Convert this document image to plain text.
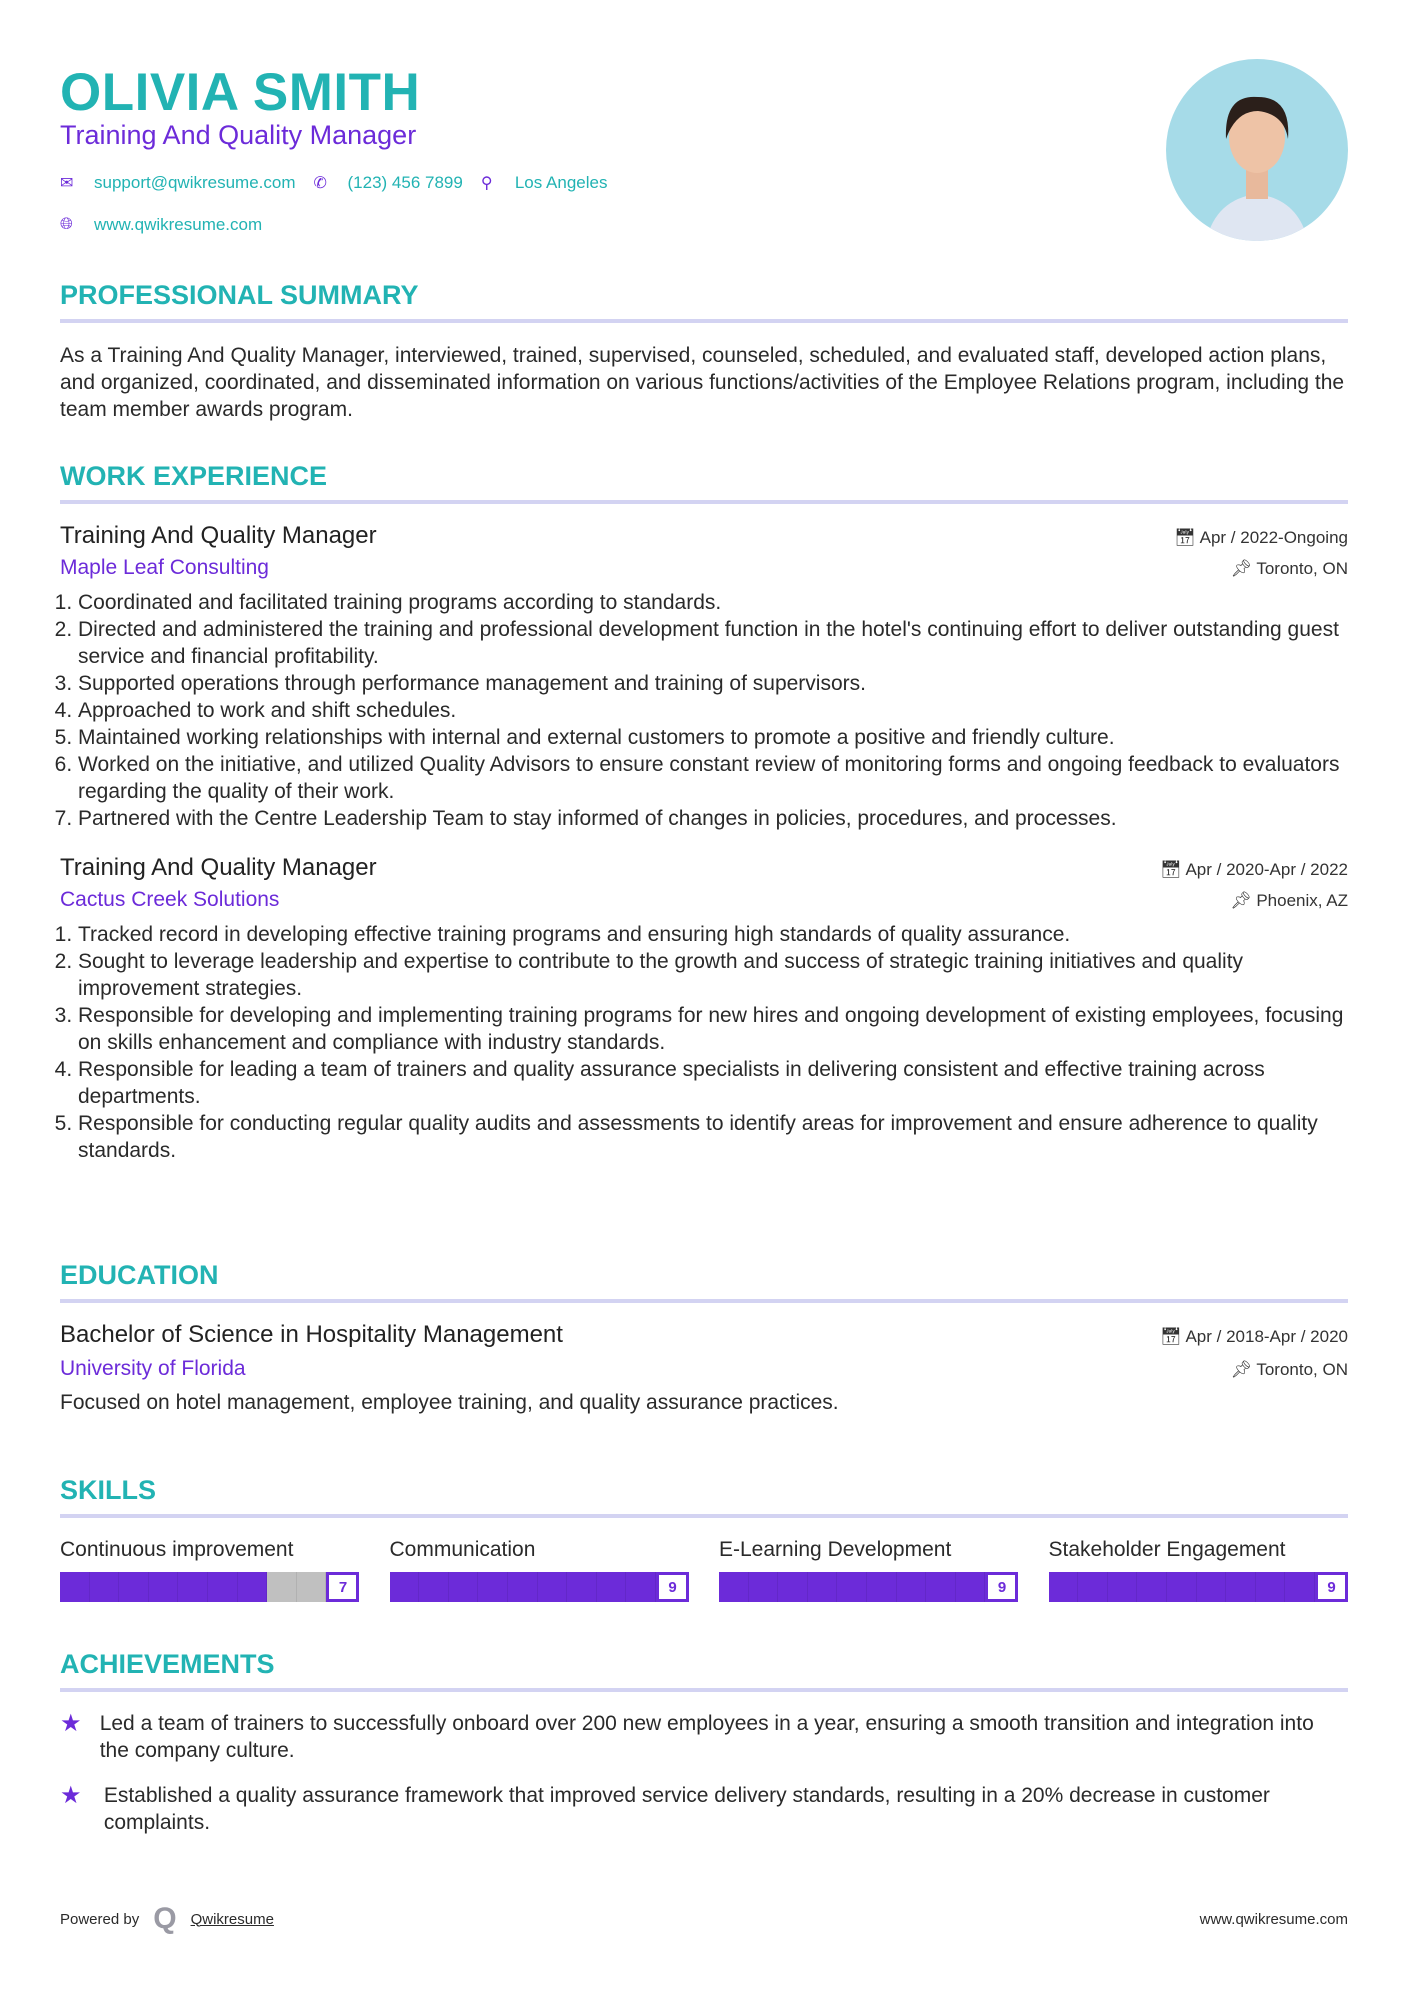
OLIVIA SMITH
Training And Quality Manager
✉	support@qwikresume.com ✆	(123) 456 7899 ⚲	Los Angeles
🌐︎	www.qwikresume.com
PROFESSIONAL SUMMARY

As a Training And Quality Manager, interviewed, trained, supervised, counseled, scheduled, and evaluated staff, developed action plans, and organized, coordinated, and disseminated information on various functions/activities of the Employee Relations program, including the team member awards program.

WORK EXPERIENCE
Training And Quality Manager	📅︎ Apr / 2022-Ongoing
Maple Leaf Consulting	📌︎ Toronto, ON
1. Coordinated and facilitated training programs according to standards.
2. Directed and administered the training and professional development function in the hotel's continuing effort to deliver outstanding guest service and financial profitability.
3. Supported operations through performance management and training of supervisors.
4. Approached to work and shift schedules.
5. Maintained working relationships with internal and external customers to promote a positive and friendly culture.
6. Worked on the initiative, and utilized Quality Advisors to ensure constant review of monitoring forms and ongoing feedback to evaluators regarding the quality of their work.
7. Partnered with the Centre Leadership Team to stay informed of changes in policies, procedures, and processes.
Training And Quality Manager	📅︎ Apr / 2020-Apr / 2022
Cactus Creek Solutions	📌︎ Phoenix, AZ
1. Tracked record in developing effective training programs and ensuring high standards of quality assurance.
2. Sought to leverage leadership and expertise to contribute to the growth and success of strategic training initiatives and quality improvement strategies.
3. Responsible for developing and implementing training programs for new hires and ongoing development of existing employees, focusing on skills enhancement and compliance with industry standards.
4. Responsible for leading a team of trainers and quality assurance specialists in delivering consistent and effective training across departments.
5. Responsible for conducting regular quality audits and assessments to identify areas for improvement and ensure adherence to quality standards.
EDUCATION
Bachelor of Science in Hospitality Management	📅︎ Apr / 2018-Apr / 2020
University of Florida	📌︎ Toronto, ON

Focused on hotel management, employee training, and quality assurance practices.

SKILLS
Continuous improvement
7
Communication
9
E-Learning Development
9
Stakeholder Engagement
9
ACHIEVEMENTS
★ Led a team of trainers to successfully onboard over 200 new employees in a year, ensuring a smooth transition and integration into the company culture.
★	Established a quality assurance framework that improved service delivery standards, resulting in a 20% decrease in customer complaints.
Powered by Q Qwikresume	www.qwikresume.com
